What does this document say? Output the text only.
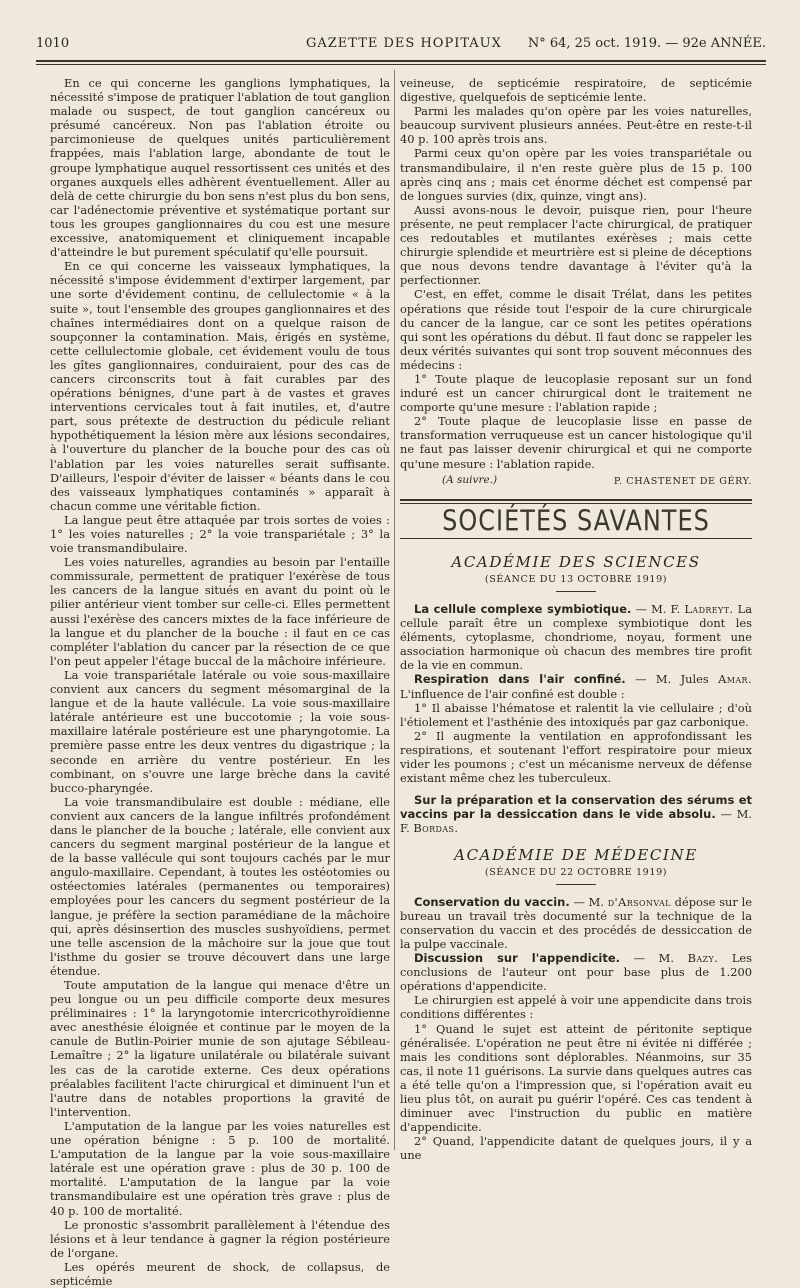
1010	GAZETTE DES HOPITAUX N° 64, 25 oct. 1919. — 92e ANNÉE.

En ce qui concerne les ganglions lymphatiques, la nécessité s'impose de pratiquer l'ablation de tout ganglion malade ou suspect, de tout ganglion cancéreux ou présumé cancéreux. Non pas l'ablation étroite ou parcimonieuse de quelques unités particulièrement frappées, mais l'ablation large, abondante de tout le groupe lymphatique auquel ressortissent ces unités et des organes auxquels elles adhèrent éventuellement. Aller au delà de cette chirurgie du bon sens n'est plus du bon sens, car l'adénectomie préventive et systématique portant sur tous les groupes ganglionnaires du cou est une mesure excessive, anatomiquement et cliniquement incapable d'atteindre le but purement spéculatif qu'elle poursuit.

En ce qui concerne les vaisseaux lymphatiques, la nécessité s'impose évidemment d'extirper largement, par une sorte d'évidement continu, de cellulectomie « à la suite », tout l'ensemble des groupes ganglionnaires et des chaînes intermédiaires dont on a quelque raison de soupçonner la contamination. Mais, érigés en système, cette cellulectomie globale, cet évidement voulu de tous les gîtes ganglionnaires, conduiraient, pour des cas de cancers circonscrits tout à fait curables par des opérations bénignes, d'une part à de vastes et graves interventions cervicales tout à fait inutiles, et, d'autre part, sous prétexte de destruction du pédicule reliant hypothétiquement la lésion mère aux lésions secondaires, à l'ouverture du plancher de la bouche pour des cas où l'ablation par les voies naturelles serait suffisante. D'ailleurs, l'espoir d'éviter de laisser « béants dans le cou des vaisseaux lymphatiques contaminés » apparaît à chacun comme une véritable fiction.

La langue peut être attaquée par trois sortes de voies : 1° les voies naturelles ; 2° la voie transpariétale ; 3° la voie transmandibulaire.

Les voies naturelles, agrandies au besoin par l'entaille commissurale, permettent de pratiquer l'exérèse de tous les cancers de la langue situés en avant du point où le pilier antérieur vient tomber sur celle-ci. Elles permettent aussi l'exérèse des cancers mixtes de la face inférieure de la langue et du plancher de la bouche : il faut en ce cas compléter l'ablation du cancer par la résection de ce que l'on peut appeler l'étage buccal de la mâchoire inférieure.

La voie transpariétale latérale ou voie sous-maxillaire convient aux cancers du segment mésomarginal de la langue et de la haute vallécule. La voie sous-maxillaire latérale antérieure est une buccotomie ; la voie sous-maxillaire latérale postérieure est une pharyngotomie. La première passe entre les deux ventres du digastrique ; la seconde en arrière du ventre postérieur. En les combinant, on s'ouvre une large brèche dans la cavité bucco-pharyngée.

La voie transmandibulaire est double : médiane, elle convient aux cancers de la langue infiltrés profondément dans le plancher de la bouche ; latérale, elle convient aux cancers du segment marginal postérieur de la langue et de la basse vallécule qui sont toujours cachés par le mur angulo-maxillaire. Cependant, à toutes les ostéotomies ou ostéectomies latérales (permanentes ou temporaires) employées pour les cancers du segment postérieur de la langue, je préfère la section paramédiane de la mâchoire qui, après désinsertion des muscles sushyoïdiens, permet une telle ascension de la mâchoire sur la joue que tout l'isthme du gosier se trouve découvert dans une large étendue.

Toute amputation de la langue qui menace d'être un peu longue ou un peu difficile comporte deux mesures préliminaires : 1° la laryngotomie intercricothyroïdienne avec anesthésie éloignée et continue par le moyen de la canule de Butlin-Poirier munie de son ajutage Sébileau-Lemaître ; 2° la ligature unilatérale ou bilatérale suivant les cas de la carotide externe. Ces deux opérations préalables facilitent l'acte chirurgical et diminuent l'un et l'autre dans de notables proportions la gravité de l'intervention.

L'amputation de la langue par les voies naturelles est une opération bénigne : 5 p. 100 de mortalité. L'amputation de la langue par la voie sous-maxillaire latérale est une opération grave : plus de 30 p. 100 de mortalité. L'amputation de la langue par la voie transmandibulaire est une opération très grave : plus de 40 p. 100 de mortalité.

Le pronostic s'assombrit parallèlement à l'étendue des lésions et à leur tendance à gagner la région postérieure de l'organe.

Les opérés meurent de shock, de collapsus, de septicémie

veineuse, de septicémie respiratoire, de septicémie digestive, quelquefois de septicémie lente.

Parmi les malades qu'on opère par les voies naturelles, beaucoup survivent plusieurs années. Peut-être en reste-t-il 40 p. 100 après trois ans.

Parmi ceux qu'on opère par les voies transpariétale ou transmandibulaire, il n'en reste guère plus de 15 p. 100 après cinq ans ; mais cet énorme déchet est compensé par de longues survies (dix, quinze, vingt ans).

Aussi avons-nous le devoir, puisque rien, pour l'heure présente, ne peut remplacer l'acte chirurgical, de pratiquer ces redoutables et mutilantes exérèses ; mais cette chirurgie splendide et meurtrière est si pleine de déceptions que nous devons tendre davantage à l'éviter qu'à la perfectionner.

C'est, en effet, comme le disait Trélat, dans les petites opérations que réside tout l'espoir de la cure chirurgicale du cancer de la langue, car ce sont les petites opérations qui sont les opérations du début. Il faut donc se rappeler les deux vérités suivantes qui sont trop souvent méconnues des médecins :

1° Toute plaque de leucoplasie reposant sur un fond induré est un cancer chirurgical dont le traitement ne comporte qu'une mesure : l'ablation rapide ;

2° Toute plaque de leucoplasie lisse en passe de transformation verruqueuse est un cancer histologique qu'il ne faut pas laisser devenir chirurgical et qui ne comporte qu'une mesure : l'ablation rapide.

(A suivre.)	P. CHASTENET DE GÉRY.
SOCIÉTÉS SAVANTES
ACADÉMIE DES SCIENCES
(SÉANCE DU 13 OCTOBRE 1919)

La cellule complexe symbiotique. — M. F. Ladreyt. La cellule paraît être un complexe symbiotique dont les éléments, cytoplasme, chondriome, noyau, forment une association harmonique où chacun des membres tire profit de la vie en commun.

Respiration dans l'air confiné. — M. Jules Amar. L'influence de l'air confiné est double :

1° Il abaisse l'hématose et ralentit la vie cellulaire ; d'où l'étiolement et l'asthénie des intoxiqués par gaz carbonique.

2° Il augmente la ventilation en approfondissant les respirations, et soutenant l'effort respiratoire pour mieux vider les poumons ; c'est un mécanisme nerveux de défense existant même chez les tuberculeux.

Sur la préparation et la conservation des sérums et vaccins par la dessiccation dans le vide absolu. — M. F. Bordas.

ACADÉMIE DE MÉDECINE
(SÉANCE DU 22 OCTOBRE 1919)

Conservation du vaccin. — M. d'Arsonval dépose sur le bureau un travail très documenté sur la technique de la conservation du vaccin et des procédés de dessiccation de la pulpe vaccinale.

Discussion sur l'appendicite. — M. Bazy. Les conclusions de l'auteur ont pour base plus de 1.200 opérations d'appendicite.

Le chirurgien est appelé à voir une appendicite dans trois conditions différentes :

1° Quand le sujet est atteint de péritonite septique généralisée. L'opération ne peut être ni évitée ni différée ; mais les conditions sont déplorables. Néanmoins, sur 35 cas, il note 11 guérisons. La survie dans quelques autres cas a été telle qu'on a l'impression que, si l'opération avait eu lieu plus tôt, on aurait pu guérir l'opéré. Ces cas tendent à diminuer avec l'instruction du public en matière d'appendicite.

2° Quand, l'appendicite datant de quelques jours, il y a une
